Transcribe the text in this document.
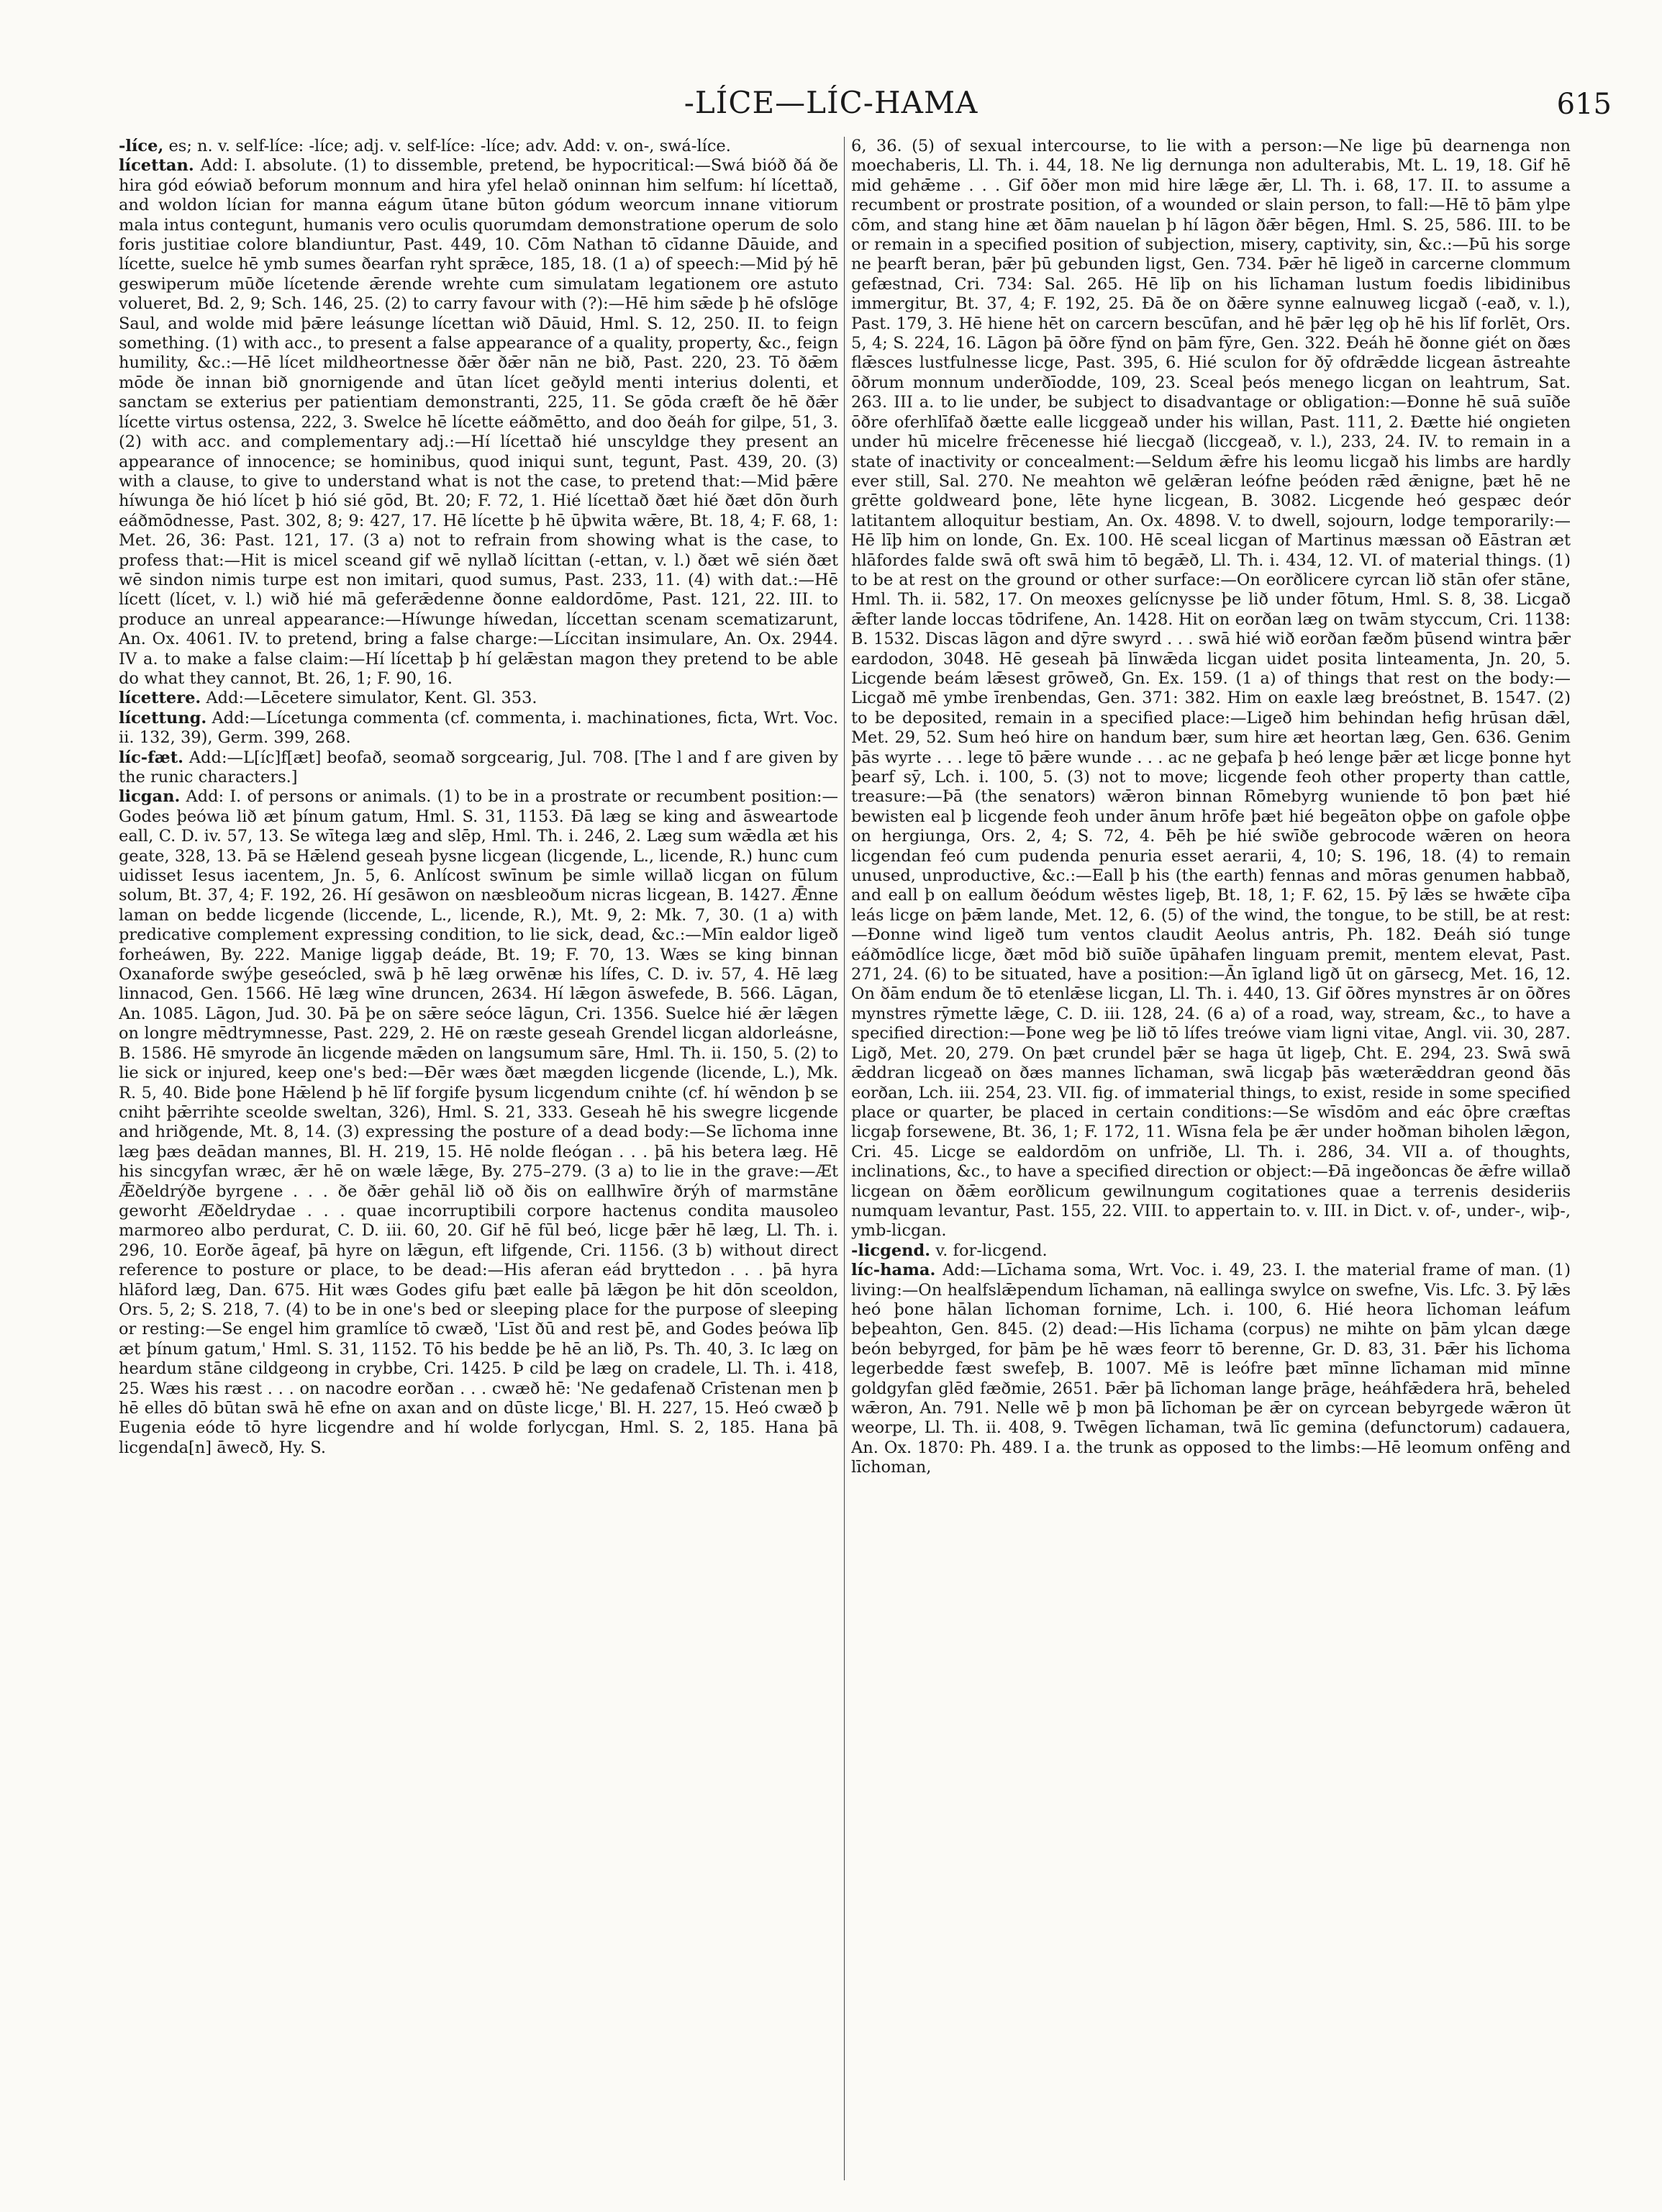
-LÍCE—LÍC-HAMA	615
-líce, es; n. v. self-líce: -líce; adj. v. self-líce: -líce; adv. Add: v. on-, swá-líce.
lícettan. Add: I. absolute. (1) to dissemble, pretend, be hypocritical:—Swá bióð ðá ðe hira gód eówiað beforum monnum and hira yfel helað oninnan him selfum: hí lícettað, and woldon lícian for manna eágum ūtane būton gódum weorcum innane vitiorum mala intus contegunt, humanis vero oculis quorumdam demonstratione operum de solo foris justitiae colore blandiuntur, Past. 449, 10. Cōm Nathan tō cīdanne Dāuide, and lícette, suelce hē ymb sumes ðearfan ryht sprǣce, 185, 18. (1 a) of speech:—Mid þý hē geswiperum mūðe lícetende ǣrende wrehte cum simulatam legationem ore astuto volueret, Bd. 2, 9; Sch. 146, 25. (2) to carry favour with (?):—Hē him sǣde þ hē ofslōge Saul, and wolde mid þǣre leásunge lícettan wið Dāuid, Hml. S. 12, 250. II. to feign something. (1) with acc., to present a false appearance of a quality, property, &c., feign humility, &c.:—Hē lícet mildheortnesse ðǣr ðǣr nān ne bið, Past. 220, 23. Tō ðǣm mōde ðe innan bið gnornigende and ūtan lícet geðyld menti interius dolenti, et sanctam se exterius per patientiam demonstranti, 225, 11. Se gōda cræft ðe hē ðǣr lícette virtus ostensa, 222, 3. Swelce hē lícette eáðmētto, and doo ðeáh for gilpe, 51, 3. (2) with acc. and complementary adj.:—Hí lícettað hié unscyldge they present an appearance of innocence; se hominibus, quod iniqui sunt, tegunt, Past. 439, 20. (3) with a clause, to give to understand what is not the case, to pretend that:—Mid þǣre híwunga ðe hió lícet þ hió sié gōd, Bt. 20; F. 72, 1. Hié lícettað ðæt hié ðæt dōn ðurh eáðmōdnesse, Past. 302, 8; 9: 427, 17. Hē lícette þ hē ūþwita wǣre, Bt. 18, 4; F. 68, 1: Met. 26, 36: Past. 121, 17. (3 a) not to refrain from showing what is the case, to profess that:—Hit is micel sceand gif wē nyllað lícittan (-ettan, v. l.) ðæt wē sién ðæt wē sindon nimis turpe est non imitari, quod sumus, Past. 233, 11. (4) with dat.:—Hē lícett (lícet, v. l.) wið hié mā geferǣdenne ðonne ealdordōme, Past. 121, 22. III. to produce an unreal appearance:—Híwunge híwedan, líccettan scenam scematizarunt, An. Ox. 4061. IV. to pretend, bring a false charge:—Líccitan insimulare, An. Ox. 2944. IV a. to make a false claim:—Hí lícettaþ þ hí gelǣstan magon they pretend to be able do what they cannot, Bt. 26, 1; F. 90, 16.
lícettere. Add:—Lēcetere simulator, Kent. Gl. 353.
lícettung. Add:—Lícetunga commenta (cf. commenta, i. machinationes, ficta, Wrt. Voc. ii. 132, 39), Germ. 399, 268.
líc-fæt. Add:—L[íc]f[æt] beofað, seomað sorgcearig, Jul. 708. [The l and f are given by the runic characters.]
licgan. Add: I. of persons or animals. (1) to be in a prostrate or recumbent position:—Godes þeówa lið æt þínum gatum, Hml. S. 31, 1153. Ðā læg se king and āsweartode eall, C. D. iv. 57, 13. Se wītega læg and slēp, Hml. Th. i. 246, 2. Læg sum wǣdla æt his geate, 328, 13. Þā se Hǣlend geseah þysne licgean (licgende, L., licende, R.) hunc cum uidisset Iesus iacentem, Jn. 5, 6. Anlícost swīnum þe simle willað licgan on fūlum solum, Bt. 37, 4; F. 192, 26. Hí gesāwon on næsbleoðum nicras licgean, B. 1427. Ǣnne laman on bedde licgende (liccende, L., licende, R.), Mt. 9, 2: Mk. 7, 30. (1 a) with predicative complement expressing condition, to lie sick, dead, &c.:—Mīn ealdor ligeð forheáwen, By. 222. Manige liggaþ deáde, Bt. 19; F. 70, 13. Wæs se king binnan Oxanaforde swýþe geseócled, swā þ hē læg orwēnæ his lífes, C. D. iv. 57, 4. Hē læg linnacod, Gen. 1566. Hē læg wīne druncen, 2634. Hí lǣgon āswefede, B. 566. Lāgan, An. 1085. Lāgon, Jud. 30. Þā þe on sǣre seóce lāgun, Cri. 1356. Suelce hié ǣr lǣgen on longre mēdtrymnesse, Past. 229, 2. Hē on ræste geseah Grendel licgan aldorleásne, B. 1586. Hē smyrode ān licgende mǣden on langsumum sāre, Hml. Th. ii. 150, 5. (2) to lie sick or injured, keep one's bed:—Ðēr wæs ðæt mægden licgende (licende, L.), Mk. R. 5, 40. Bide þone Hǣlend þ hē līf forgife þysum licgendum cnihte (cf. hí wēndon þ se cniht þǣrrihte sceolde sweltan, 326), Hml. S. 21, 333. Geseah hē his swegre licgende and hriðgende, Mt. 8, 14. (3) expressing the posture of a dead body:—Se līchoma inne læg þæs deādan mannes, Bl. H. 219, 15. Hē nolde fleógan . . . þā his betera læg. Hē his sincgyfan wræc, ǣr hē on wæle lǣge, By. 275–279. (3 a) to lie in the grave:—Æt Ǣðeldrýðe byrgene . . . ðe ðǣr gehāl lið oð ðis on eallhwīre ðrýh of marmstāne geworht Æðeldrydae . . . quae incorruptibili corpore hactenus condita mausoleo marmoreo albo perdurat, C. D. iii. 60, 20. Gif hē fūl beó, licge þǣr hē læg, Ll. Th. i. 296, 10. Eorðe āgeaf, þā hyre on lǣgun, eft lifgende, Cri. 1156. (3 b) without direct reference to posture or place, to be dead:—His aferan eád bryttedon . . . þā hyra hlāford læg, Dan. 675. Hit wæs Godes gifu þæt ealle þā lǣgon þe hit dōn sceoldon, Ors. 5, 2; S. 218, 7. (4) to be in one's bed or sleeping place for the purpose of sleeping or resting:—Se engel him gramlíce tō cwæð, 'Līst ðū and rest þē, and Godes þeówa līþ æt þínum gatum,' Hml. S. 31, 1152. Tō his bedde þe hē an lið, Ps. Th. 40, 3. Ic læg on heardum stāne cildgeong in crybbe, Cri. 1425. Þ cild þe læg on cradele, Ll. Th. i. 418, 25. Wæs his ræst . . . on nacodre eorðan . . . cwæð hē: 'Ne gedafenað Crīstenan men þ hē elles dō būtan swā hē efne on axan and on dūste licge,' Bl. H. 227, 15. Heó cwæð þ Eugenia eóde tō hyre licgendre and hí wolde forlycgan, Hml. S. 2, 185. Hana þā licgenda[n] āwecð, Hy. S.
6, 36. (5) of sexual intercourse, to lie with a person:—Ne lige þū dearnenga non moechaberis, Ll. Th. i. 44, 18. Ne lig dernunga non adulterabis, Mt. L. 19, 18. Gif hē mid gehǣme . . . Gif ōðer mon mid hire lǣge ǣr, Ll. Th. i. 68, 17. II. to assume a recumbent or prostrate position, of a wounded or slain person, to fall:—Hē tō þām ylpe cōm, and stang hine æt ðām nauelan þ hí lāgon ðǣr bēgen, Hml. S. 25, 586. III. to be or remain in a specified position of subjection, misery, captivity, sin, &c.:—Þū his sorge ne þearft beran, þǣr þū gebunden ligst, Gen. 734. Þǣr hē ligeð in carcerne clommum gefæstnad, Cri. 734: Sal. 265. Hē līþ on his līchaman lustum foedis libidinibus immergitur, Bt. 37, 4; F. 192, 25. Ðā ðe on ðǣre synne ealnuweg licgað (-eað, v. l.), Past. 179, 3. Hē hiene hēt on carcern bescūfan, and hē þǣr lęg oþ hē his līf forlēt, Ors. 5, 4; S. 224, 16. Lāgon þā ōðre fȳnd on þām fȳre, Gen. 322. Ðeáh hē ðonne giét on ðæs flǣsces lustfulnesse licge, Past. 395, 6. Hié sculon for ðȳ ofdrǣdde licgean āstreahte ōðrum monnum underðīodde, 109, 23. Sceal þeós menego licgan on leahtrum, Sat. 263. III a. to lie under, be subject to disadvantage or obligation:—Ðonne hē suā suīðe ōðre oferhlīfað ðætte ealle licggeað under his willan, Past. 111, 2. Ðætte hié ongieten under hū micelre frēcenesse hié liecgað (liccgeað, v. l.), 233, 24. IV. to remain in a state of inactivity or concealment:—Seldum ǣfre his leomu licgað his limbs are hardly ever still, Sal. 270. Ne meahton wē gelǣran leófne þeóden rǣd ǣnigne, þæt hē ne grētte goldweard þone, lēte hyne licgean, B. 3082. Licgende heó gespæc deór latitantem alloquitur bestiam, An. Ox. 4898. V. to dwell, sojourn, lodge temporarily:—Hē līþ him on londe, Gn. Ex. 100. Hē sceal licgan of Martinus mæssan oð Eāstran æt hlāfordes falde swā oft swā him tō begǣð, Ll. Th. i. 434, 12. VI. of material things. (1) to be at rest on the ground or other surface:—On eorðlicere cyrcan lið stān ofer stāne, Hml. Th. ii. 582, 17. On meoxes gelícnysse þe lið under fōtum, Hml. S. 8, 38. Licgað ǣfter lande loccas tōdrifene, An. 1428. Hit on eorðan læg on twām styccum, Cri. 1138: B. 1532. Discas lāgon and dȳre swyrd . . . swā hié wið eorðan fæðm þūsend wintra þǣr eardodon, 3048. Hē geseah þā līnwǣda licgan uidet posita linteamenta, Jn. 20, 5. Licgende beám lǣsest grōweð, Gn. Ex. 159. (1 a) of things that rest on the body:—Licgað mē ymbe īrenbendas, Gen. 371: 382. Him on eaxle læg breóstnet, B. 1547. (2) to be deposited, remain in a specified place:—Ligeð him behindan hefig hrūsan dǣl, Met. 29, 52. Sum heó hire on handum bær, sum hire æt heortan læg, Gen. 636. Genim þās wyrte . . . lege tō þǣre wunde . . . ac ne geþafa þ heó lenge þǣr æt licge þonne hyt þearf sȳ, Lch. i. 100, 5. (3) not to move; licgende feoh other property than cattle, treasure:—Þā (the senators) wǣron binnan Rōmebyrg wuniende tō þon þæt hié bewisten eal þ licgende feoh under ānum hrōfe þæt hié begeāton oþþe on gafole oþþe on hergiunga, Ors. 2, 4; S. 72, 4. Þēh þe hié swīðe gebrocode wǣren on heora licgendan feó cum pudenda penuria esset aerarii, 4, 10; S. 196, 18. (4) to remain unused, unproductive, &c.:—Eall þ his (the earth) fennas and mōras genumen habbað, and eall þ on eallum ðeódum wēstes ligeþ, Bt. 18, 1; F. 62, 15. Þȳ lǣs se hwǣte cīþa leás licge on þǣm lande, Met. 12, 6. (5) of the wind, the tongue, to be still, be at rest:—Ðonne wind ligeð tum ventos claudit Aeolus antris, Ph. 182. Ðeáh sió tunge eáðmōdlíce licge, ðæt mōd bið suīðe ūpāhafen linguam premit, mentem elevat, Past. 271, 24. (6) to be situated, have a position:—Ān īgland ligð ūt on gārsecg, Met. 16, 12. On ðām endum ðe tō etenlǣse licgan, Ll. Th. i. 440, 13. Gif ōðres mynstres ār on ōðres mynstres rȳmette lǣge, C. D. iii. 128, 24. (6 a) of a road, way, stream, &c., to have a specified direction:—Þone weg þe lið tō lífes treówe viam ligni vitae, Angl. vii. 30, 287. Ligð, Met. 20, 279. On þæt crundel þǣr se haga ūt ligeþ, Cht. E. 294, 23. Swā swā ǣddran licgeað on ðæs mannes līchaman, swā licgaþ þās wæterǣddran geond ðās eorðan, Lch. iii. 254, 23. VII. fig. of immaterial things, to exist, reside in some specified place or quarter, be placed in certain conditions:—Se wīsdōm and eác ōþre cræftas licgaþ forsewene, Bt. 36, 1; F. 172, 11. Wīsna fela þe ǣr under hoðman biholen lǣgon, Cri. 45. Licge se ealdordōm on unfriðe, Ll. Th. i. 286, 34. VII a. of thoughts, inclinations, &c., to have a specified direction or object:—Ðā ingeðoncas ðe ǣfre willað licgean on ðǣm eorðlicum gewilnungum cogitationes quae a terrenis desideriis numquam levantur, Past. 155, 22. VIII. to appertain to. v. III. in Dict. v. of-, under-, wiþ-, ymb-licgan.
-licgend. v. for-licgend.
líc-hama. Add:—Līchama soma, Wrt. Voc. i. 49, 23. I. the material frame of man. (1) living:—On healfslǣpendum līchaman, nā eallinga swylce on swefne, Vis. Lfc. 3. Þȳ lǣs heó þone hālan līchoman fornime, Lch. i. 100, 6. Hié heora līchoman leáfum beþeahton, Gen. 845. (2) dead:—His līchama (corpus) ne mihte on þām ylcan dæge beón bebyrged, for þām þe hē wæs feorr tō berenne, Gr. D. 83, 31. Þǣr his līchoma legerbedde fæst swefeþ, B. 1007. Mē is leófre þæt mīnne līchaman mid mīnne goldgyfan glēd fæðmie, 2651. Þǣr þā līchoman lange þrāge, heáhfǣdera hrā, beheled wǣron, An. 791. Nelle wē þ mon þā līchoman þe ǣr on cyrcean bebyrgede wǣron ūt weorpe, Ll. Th. ii. 408, 9. Twēgen līchaman, twā līc gemina (defunctorum) cadauera, An. Ox. 1870: Ph. 489. I a. the trunk as opposed to the limbs:—Hē leomum onfēng and līchoman,
